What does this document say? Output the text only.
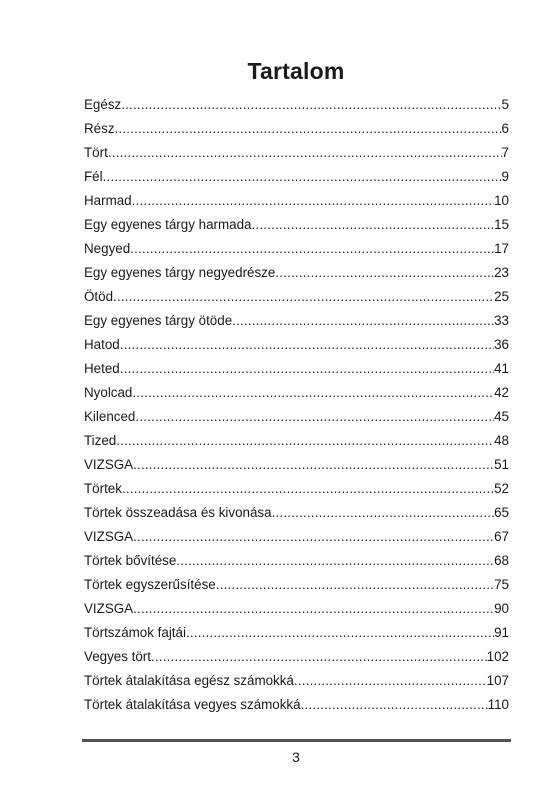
Tartalom
Egész .....	5
Rész .....	6
Tört .....	7
Fél .....	9
Harmad .....	10
Egy egyenes tárgy harmada .....	15
Negyed .....	17
Egy egyenes tárgy negyedrésze .....	23
Ötöd .....	25
Egy egyenes tárgy ötöde .....	33
Hatod .....	36
Heted .....	41
Nyolcad .....	42
Kilenced .....	45
Tized .....	48
VIZSGA .....	51
Törtek .....	52
Törtek összeadása és kivonása .....	65
VIZSGA .....	67
Törtek bővítése .....	68
Törtek egyszerűsítése .....	75
VIZSGA .....	90
Törtszámok fajtái .....	91
Vegyes tört .....	102
Törtek átalakítása egész számokká .....	107
Törtek átalakítása vegyes számokká .....	110
3
